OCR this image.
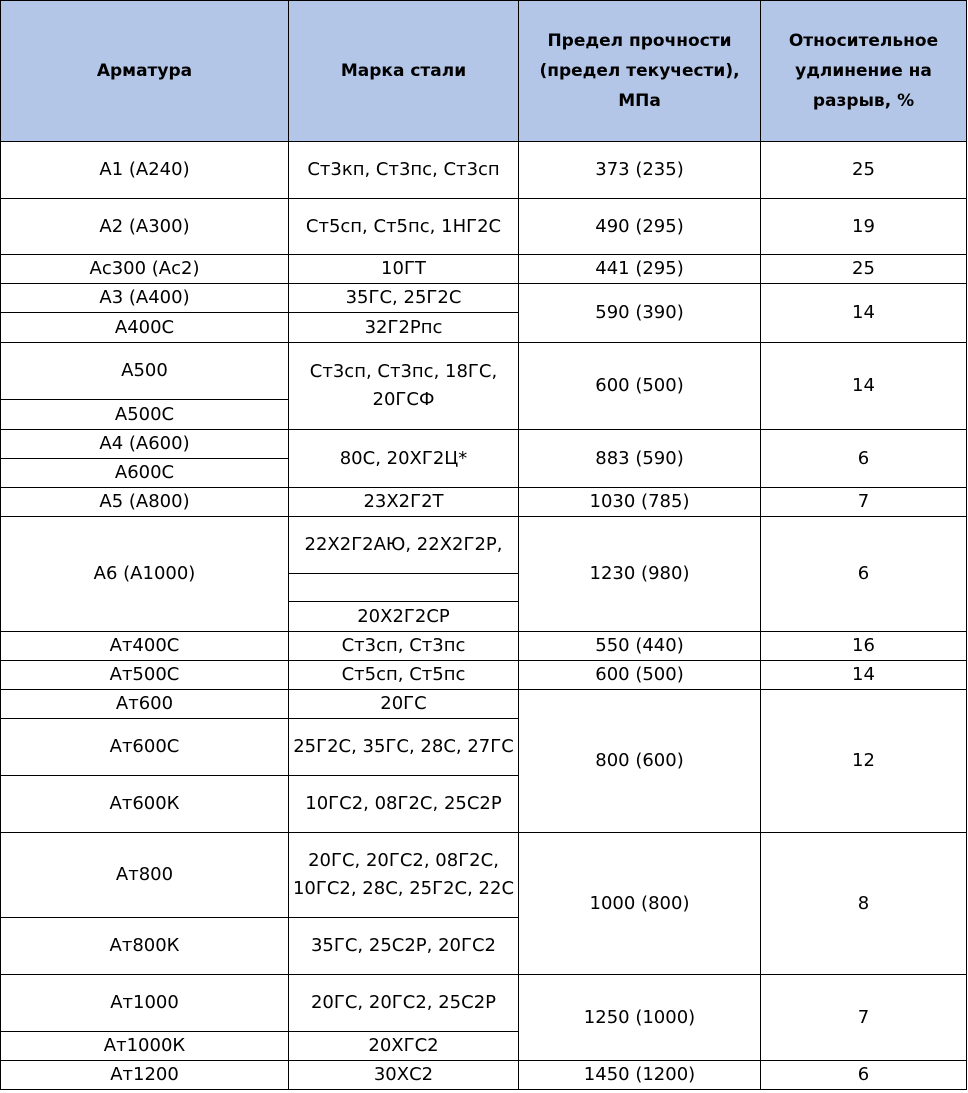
Арматура	Марка стали	Предел прочности (предел текучести), МПа	Относительное удлинение на разрыв, %
А1 (А240)	Ст3кп, Ст3пс, Ст3сп	373 (235)	25
А2 (А300)	Ст5сп, Ст5пс, 1НГ2С	490 (295)	19
Ас300 (Ас2)	10ГТ	441 (295)	25
А3 (А400)	35ГС, 25Г2С	590 (390)	14
А400С	32Г2Рпс		
А500	Ст3сп, Ст3пс, 18ГС, 20ГСФ	600 (500)	14
А500С			
А4 (А600)	80С, 20ХГ2Ц*	883 (590)	6
А600С			
А5 (А800)	23Х2Г2Т	1030 (785)	7
А6 (А1000)	22Х2Г2АЮ, 22Х2Г2Р,	1230 (980)	6

	20Х2Г2СР		
Ат400С	Ст3сп, Ст3пс	550 (440)	16
Ат500С	Ст5сп, Ст5пс	600 (500)	14
Ат600	20ГС	800 (600)	12
Ат600С	25Г2С, 35ГС, 28С, 27ГС		
Ат600К	10ГС2, 08Г2С, 25С2Р		
Ат800	20ГС, 20ГС2, 08Г2С, 10ГС2, 28С, 25Г2С, 22С	1000 (800)	8
Ат800К	35ГС, 25С2Р, 20ГС2		
Ат1000	20ГС, 20ГС2, 25С2Р	1250 (1000)	7
Ат1000К	20ХГС2		
Ат1200	30ХС2	1450 (1200)	6
